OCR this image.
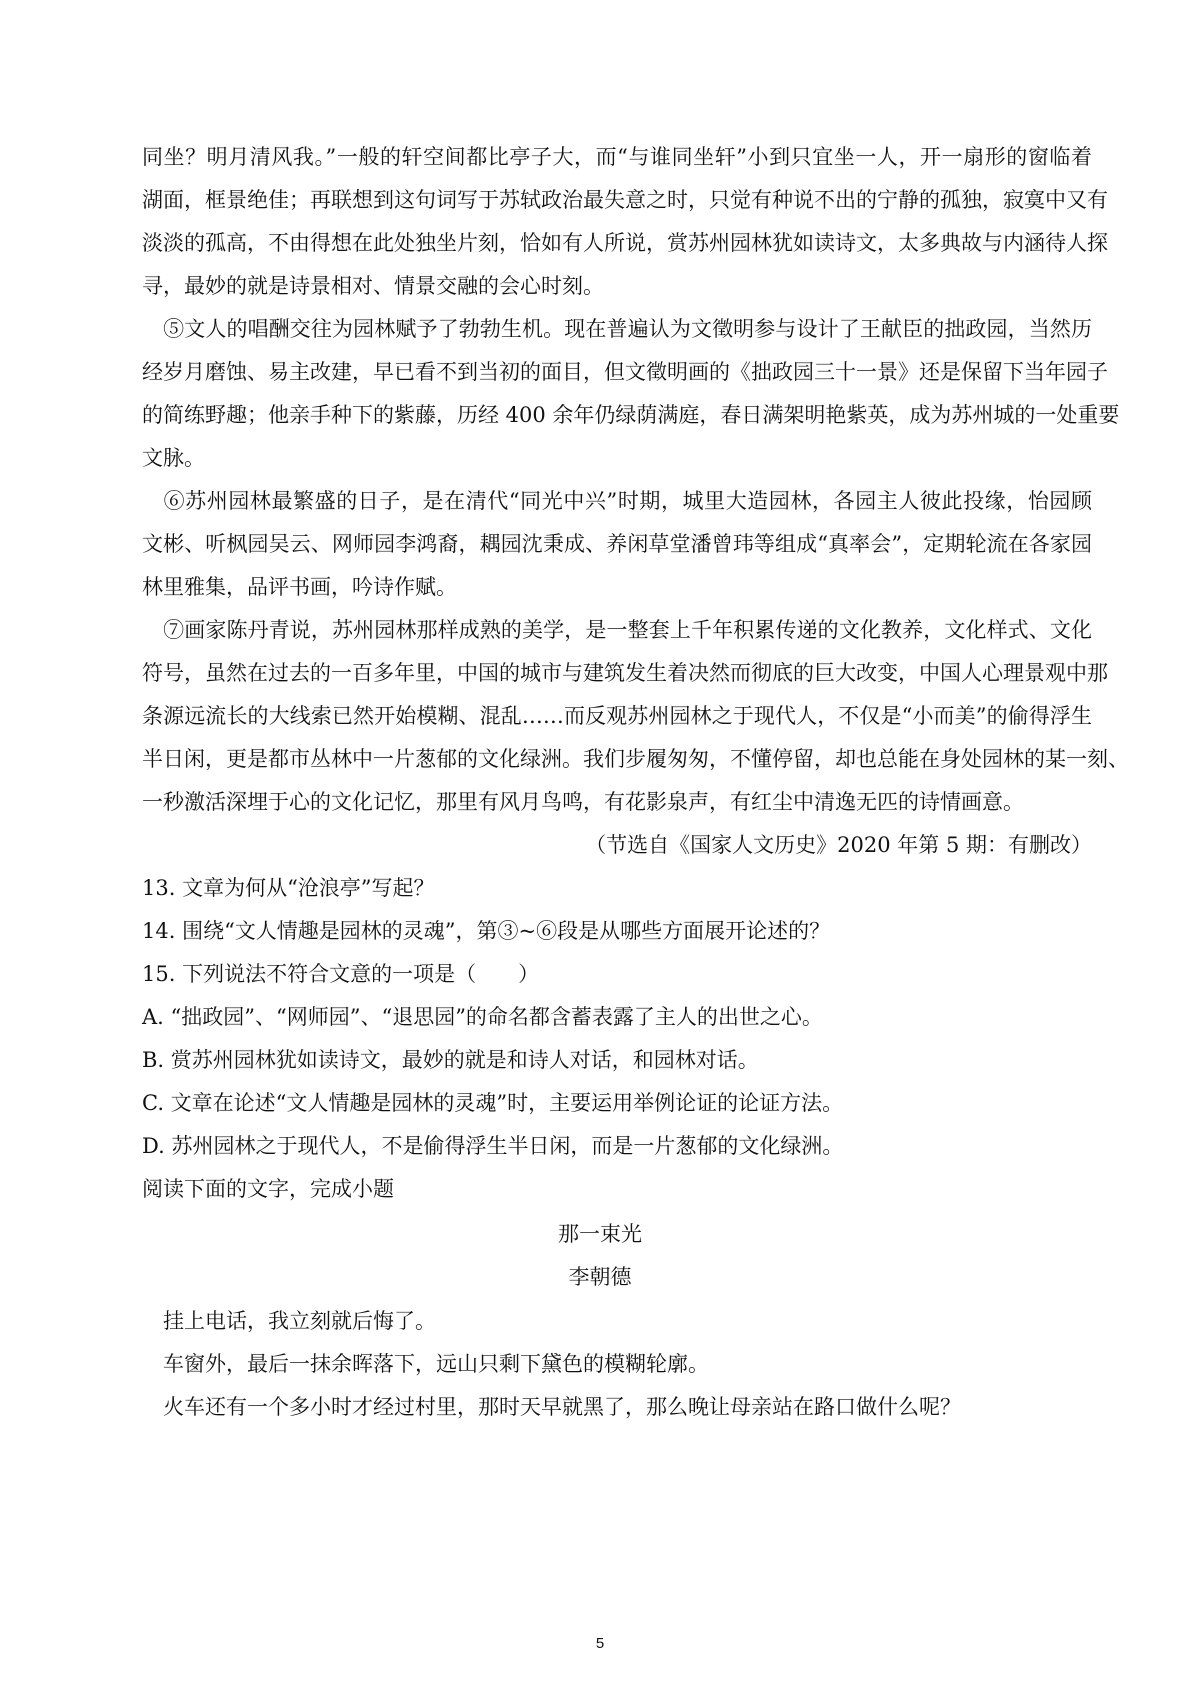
同坐？明月清风我。”一般的轩空间都比亭子大，而“与谁同坐轩”小到只宜坐一人，开一扇形的窗临着
湖面，框景绝佳；再联想到这句词写于苏轼政治最失意之时，只觉有种说不出的宁静的孤独，寂寞中又有
淡淡的孤高，不由得想在此处独坐片刻，恰如有人所说，赏苏州园林犹如读诗文，太多典故与内涵待人探
寻，最妙的就是诗景相对、情景交融的会心时刻。
　⑤文人的唱酬交往为园林赋予了勃勃生机。现在普遍认为文徵明参与设计了王献臣的拙政园，当然历
经岁月磨蚀、易主改建，早已看不到当初的面目，但文徵明画的《拙政园三十一景》还是保留下当年园子
的简练野趣；他亲手种下的紫藤，历经 400 余年仍绿荫满庭，春日满架明艳紫英，成为苏州城的一处重要
文脉。
　⑥苏州园林最繁盛的日子，是在清代“同光中兴”时期，城里大造园林，各园主人彼此投缘，怡园顾
文彬、听枫园吴云、网师园李鸿裔，耦园沈秉成、养闲草堂潘曾玮等组成“真率会”，定期轮流在各家园
林里雅集，品评书画，吟诗作赋。
　⑦画家陈丹青说，苏州园林那样成熟的美学，是一整套上千年积累传递的文化教养，文化样式、文化
符号，虽然在过去的一百多年里，中国的城市与建筑发生着决然而彻底的巨大改变，中国人心理景观中那
条源远流长的大线索已然开始模糊、混乱……而反观苏州园林之于现代人，不仅是“小而美”的偷得浮生
半日闲，更是都市丛林中一片葱郁的文化绿洲。我们步履匆匆，不懂停留，却也总能在身处园林的某一刻、
一秒激活深埋于心的文化记忆，那里有风月鸟鸣，有花影泉声，有红尘中清逸无匹的诗情画意。
（节选自《国家人文历史》2020 年第 5 期：有删改）
13. 文章为何从“沧浪亭”写起？
14. 围绕“文人情趣是园林的灵魂”，第③~⑥段是从哪些方面展开论述的？
15. 下列说法不符合文意的一项是（　　）
A. “拙政园”、“网师园”、“退思园”的命名都含蓄表露了主人的出世之心。
B. 赏苏州园林犹如读诗文，最妙的就是和诗人对话，和园林对话。
C. 文章在论述“文人情趣是园林的灵魂”时，主要运用举例论证的论证方法。
D. 苏州园林之于现代人，不是偷得浮生半日闲，而是一片葱郁的文化绿洲。
阅读下面的文字，完成小题
那一束光
李朝德
　挂上电话，我立刻就后悔了。
　车窗外，最后一抹余晖落下，远山只剩下黛色的模糊轮廓。
　火车还有一个多小时才经过村里，那时天早就黑了，那么晚让母亲站在路口做什么呢？
5
